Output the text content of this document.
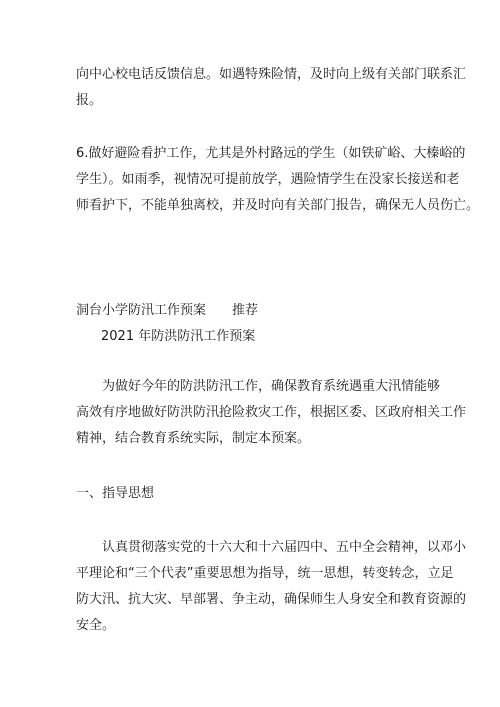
向中心校电话反馈信息。如遇特殊险情，及时向上级有关部门联系汇
报。

6.做好避险看护工作，尤其是外村路远的学生（如铁矿峪、大榛峪的
学生）。如雨季，视情况可提前放学，遇险情学生在没家长接送和老
师看护下，不能单独离校，并及时向有关部门报告，确保无人员伤亡。

洞台小学防汛工作预案　　推荐

2021 年防洪防汛工作预案

　　为做好今年的防洪防汛工作，确保教育系统遇重大汛情能够
高效有序地做好防洪防汛抢险救灾工作，根据区委、区政府相关工作
精神，结合教育系统实际，制定本预案。

一、指导思想

　　认真贯彻落实党的十六大和十六届四中、五中全会精神，以邓小
平理论和“三个代表”重要思想为指导，统一思想，转变转念，立足
防大汛、抗大灾、早部署、争主动，确保师生人身安全和教育资源的
安全。
